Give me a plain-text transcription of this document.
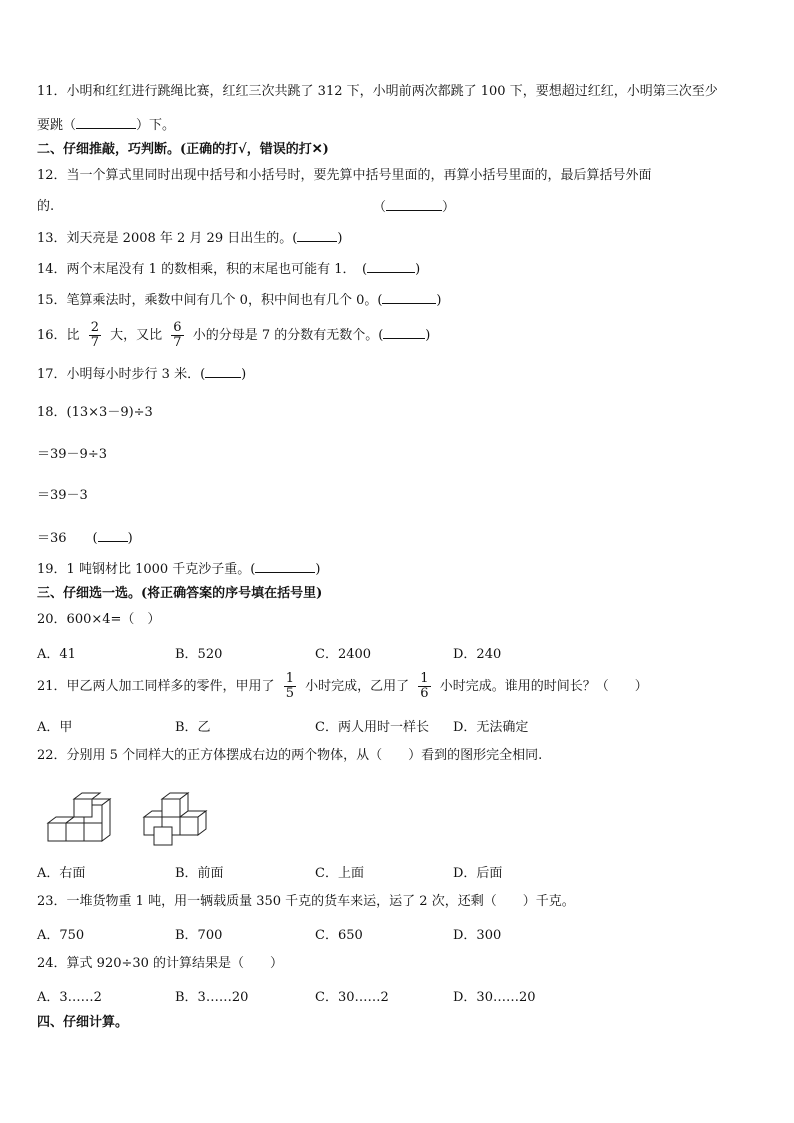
11．小明和红红进行跳绳比赛，红红三次共跳了 312 下，小明前两次都跳了 100 下，要想超过红红，小明第三次至少
要跳（	）下。
二、仔细推敲，巧判断。(正确的打√，错误的打✕)
12．当一个算式里同时出现中括号和小括号时，要先算中括号里面的，再算小括号里面的，最后算括号外面
的.	（	）
13．刘天亮是 2008 年 2 月 29 日出生的。(	)
14．两个末尾没有 1 的数相乘，积的末尾也可能有 1．　(	)
15．笔算乘法时，乘数中间有几个 0，积中间也有几个 0。(	)
16．比 $\frac{2}{7}$ 大，又比 $\frac{6}{7}$ 小的分母是 7 的分数有无数个。(	)
17．小明每小时步行 3 米．(	)
18．(13×3－9)÷3
＝39－9÷3
＝39－3
＝36　　( )
19．1 吨钢材比 1000 千克沙子重。(	)
三、仔细选一选。(将正确答案的序号填在括号里)
20．600×4=（　）
A．41	B．520	C．2400	D．240
21．甲乙两人加工同样多的零件，甲用了 $\frac{1}{5}$ 小时完成，乙用了 $\frac{1}{6}$ 小时完成。谁用的时间长？（　　）
A．甲	B．乙	C．两人用时一样长	D．无法确定
22．分别用 5 个同样大的正方体摆成右边的两个物体，从（　　）看到的图形完全相同.
A．右面	B．前面	C．上面	D．后面
23．一堆货物重 1 吨，用一辆载质量 350 千克的货车来运，运了 2 次，还剩（　　）千克。
A．750	B．700	C．650	D．300
24．算式 920÷30 的计算结果是（　　）
A．3……2	B．3……20	C．30……2	D．30……20
四、仔细计算。
